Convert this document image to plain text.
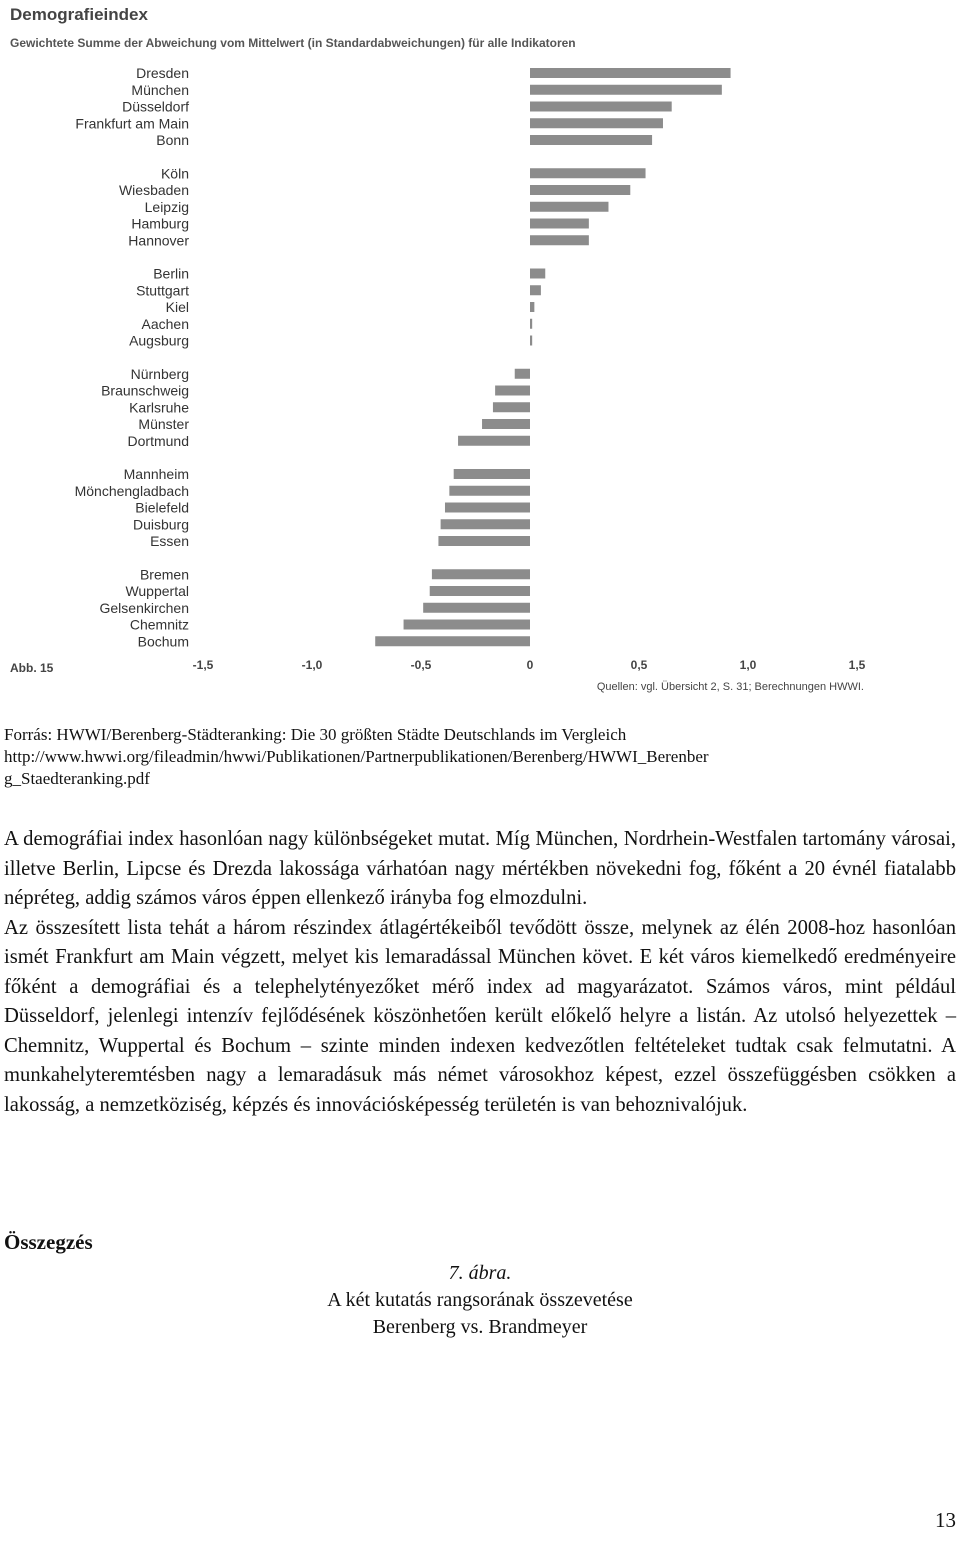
Demografieindex
Gewichtete Summe der Abweichung vom Mittelwert (in Standardabweichungen) für alle Indikatoren
Dresden
München
Düsseldorf
Frankfurt am Main
Bonn
Köln
Wiesbaden
Leipzig
Hamburg
Hannover
Berlin
Stuttgart
Kiel
Aachen
Augsburg
Nürnberg
Braunschweig
Karlsruhe
Münster
Dortmund
Mannheim
Mönchengladbach
Bielefeld
Duisburg
Essen
Bremen
Wuppertal
Gelsenkirchen
Chemnitz
Bochum
-1,5	-1,0	-0,5	0	0,5	1,0	1,5
Abb. 15
Quellen: vgl. Übersicht 2, S. 31; Berechnungen HWWI.
Forrás: HWWI/Berenberg-Städteranking: Die 30 größten Städte Deutschlands im Vergleich
http://www.hwwi.org/fileadmin/hwwi/Publikationen/Partnerpublikationen/Berenberg/HWWI_Berenber
g_Staedteranking.pdf

A demográfiai index hasonlóan nagy különbségeket mutat. Míg München, Nordrhein-Westfalen tartomány városai, illetve Berlin, Lipcse és Drezda lakossága várhatóan nagy mértékben növekedni fog, főként a 20 évnél fiatalabb népréteg, addig számos város éppen ellenkező irányba fog elmozdulni.

Az összesített lista tehát a három részindex átlagértékeiből tevődött össze, melynek az élén 2008-hoz hasonlóan ismét Frankfurt am Main végzett, melyet kis lemaradással München követ. E két város kiemelkedő eredményeire főként a demográfiai és a telephelytényezőket mérő index ad magyarázatot. Számos város, mint például Düsseldorf, jelenlegi intenzív fejlődésének köszönhetően került előkelő helyre a listán. Az utolsó helyezettek – Chemnitz, Wuppertal és Bochum – szinte minden indexen kedvezőtlen feltételeket tudtak csak felmutatni. A munkahelyteremtésben nagy a lemaradásuk más német városokhoz képest, ezzel összefüggésben csökken a lakosság, a nemzetköziség, képzés és innovációsképesség területén is van behoznivalójuk.

Összegzés
7. ábra.
A két kutatás rangsorának összevetése
Berenberg vs. Brandmeyer
13
